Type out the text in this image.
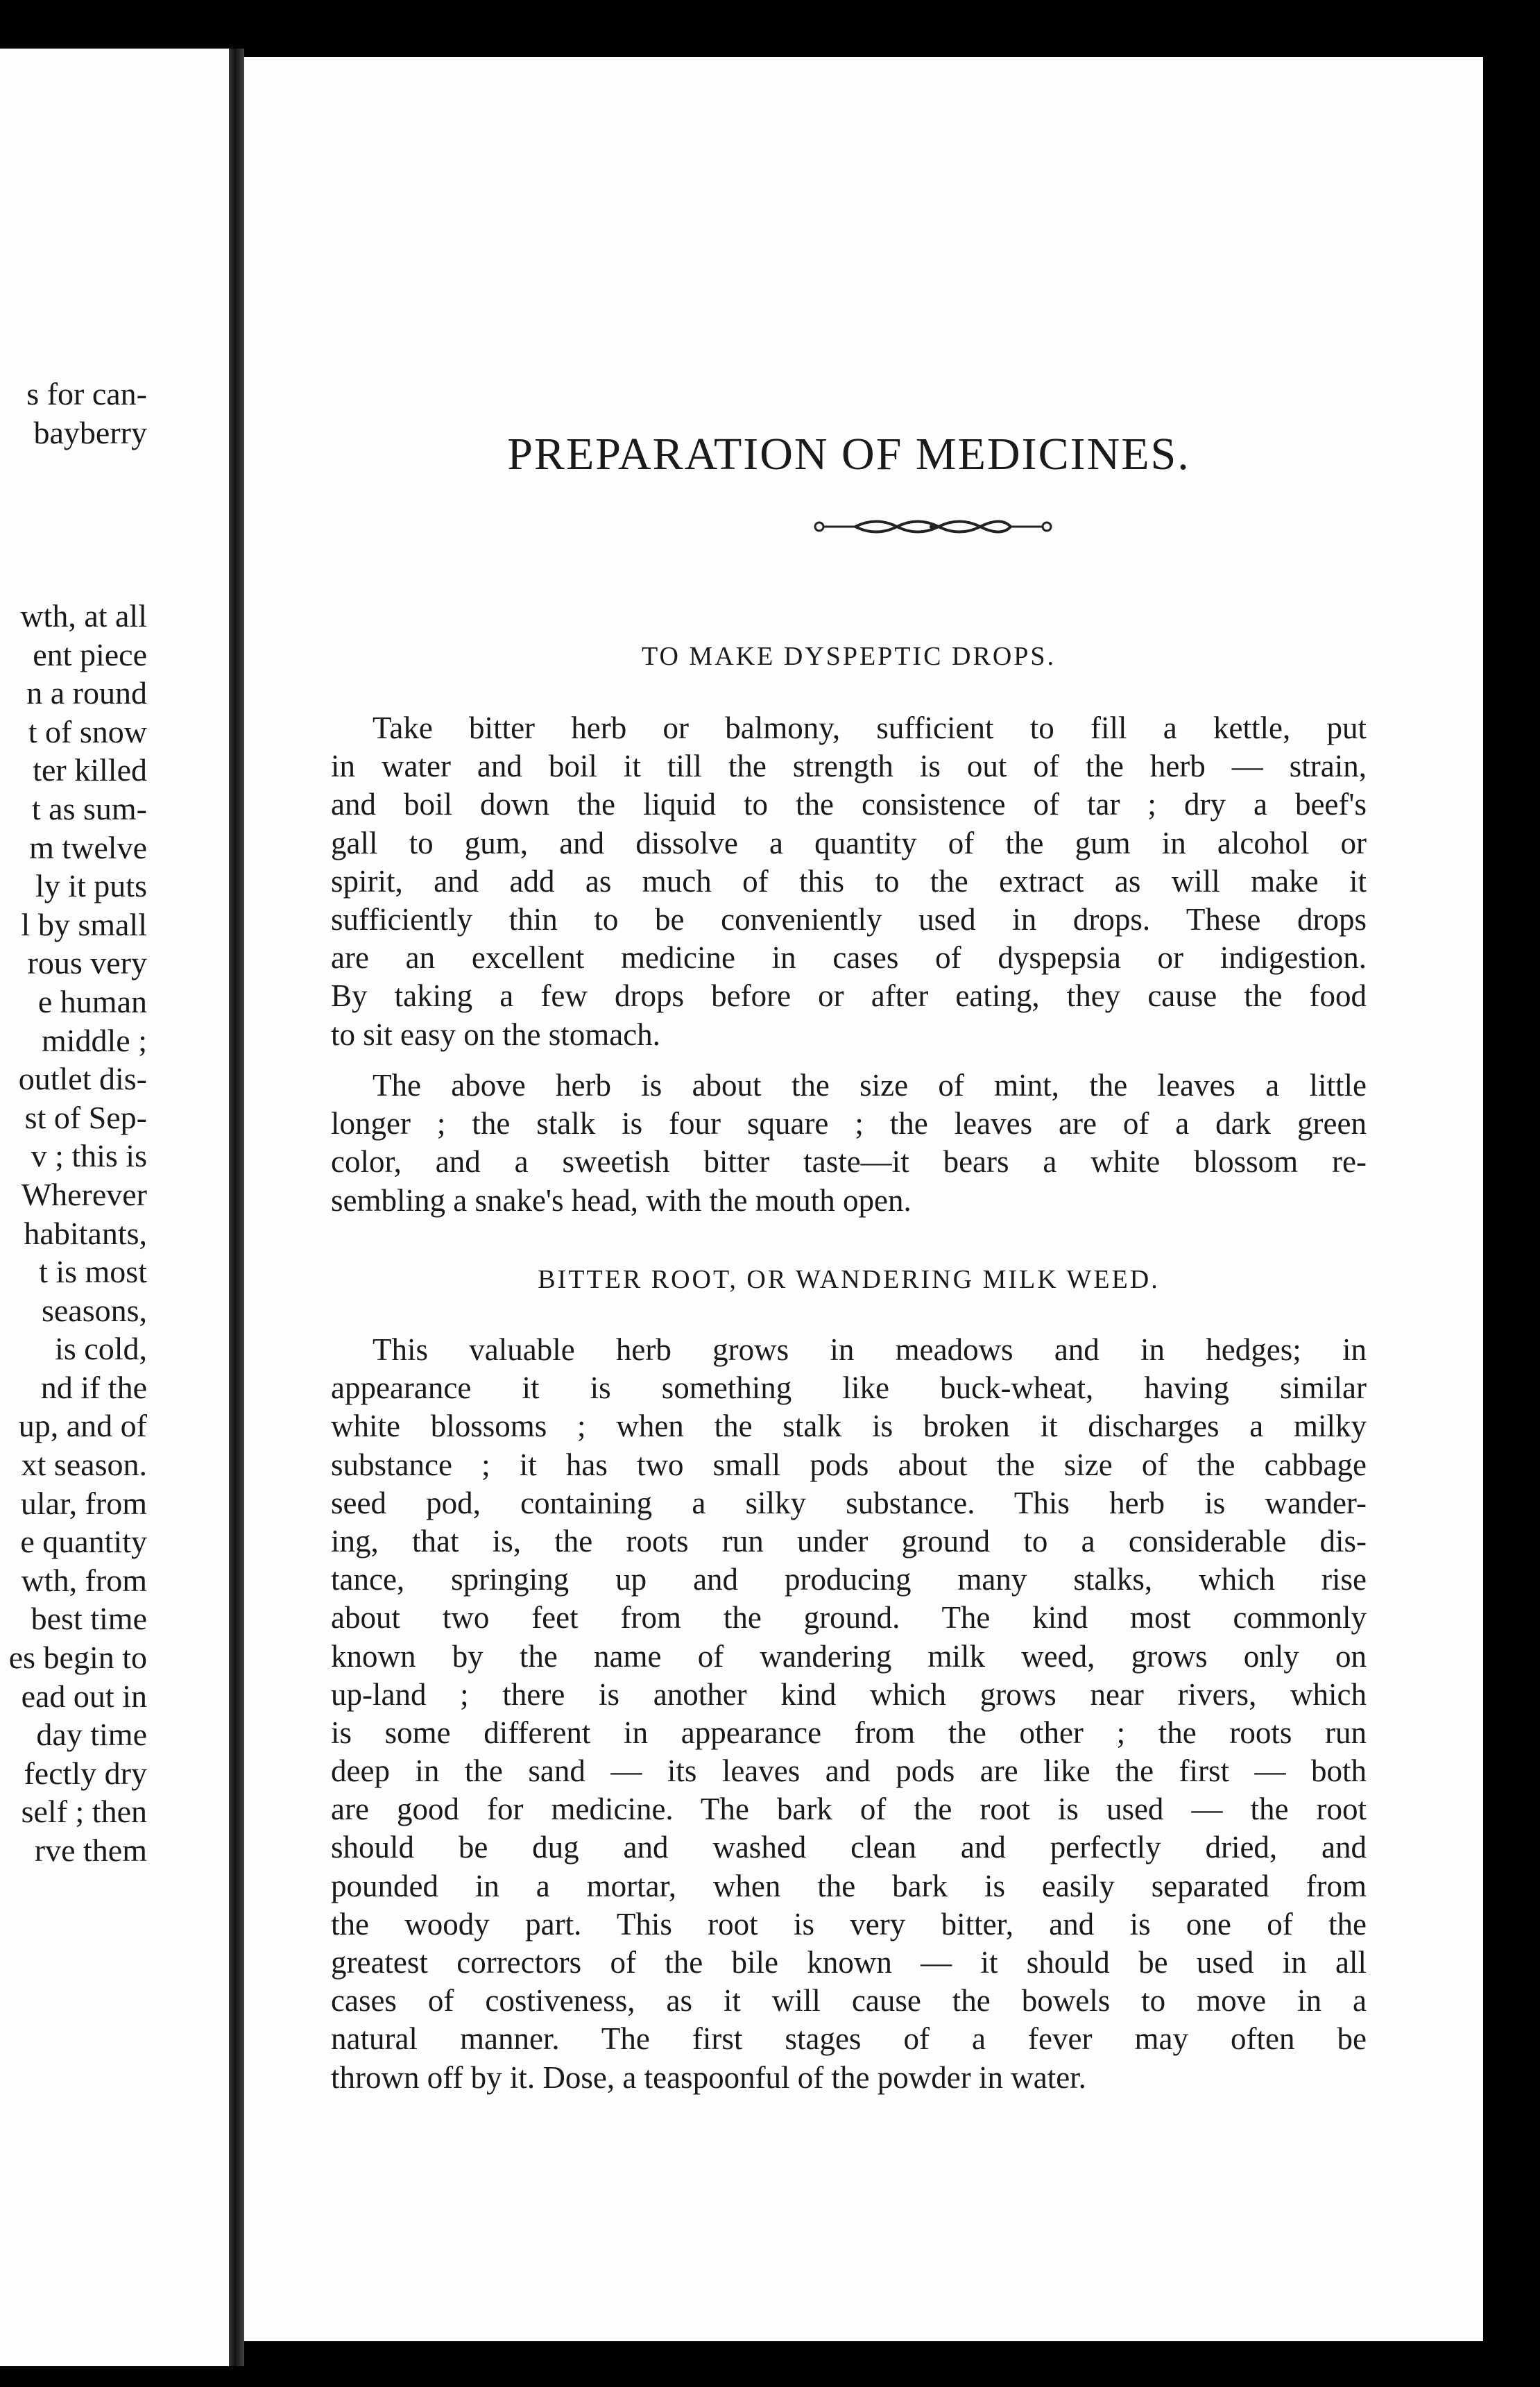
s for can-
bayberry
wth, at all
ent piece
n a round
t of snow
ter killed
t as sum-
m twelve
ly it puts
l by small
rous very
e human
middle ;
outlet dis-
st of Sep-
v ; this is
Wherever
habitants,
t is most
seasons,
is cold,
nd if the
up, and of
xt season.
ular, from
e quantity
wth, from
best time
es begin to
ead out in
day time
fectly dry
self ; then
rve them
PREPARATION OF MEDICINES.
TO MAKE DYSPEPTIC DROPS.
Take bitter herb or balmony, sufficient to fill a kettle, put
in water and boil it till the strength is out of the herb — strain,
and boil down the liquid to the consistence of tar ; dry a beef's
gall to gum, and dissolve a quantity of the gum in alcohol or
spirit, and add as much of this to the extract as will make it
sufficiently thin to be conveniently used in drops. These drops
are an excellent medicine in cases of dyspepsia or indigestion.
By taking a few drops before or after eating, they cause the food
to sit easy on the stomach.
The above herb is about the size of mint, the leaves a little
longer ; the stalk is four square ; the leaves are of a dark green
color, and a sweetish bitter taste—it bears a white blossom re-
sembling a snake's head, with the mouth open.
BITTER ROOT, OR WANDERING MILK WEED.
This valuable herb grows in meadows and in hedges; in
appearance it is something like buck-wheat, having similar
white blossoms ; when the stalk is broken it discharges a milky
substance ; it has two small pods about the size of the cabbage
seed pod, containing a silky substance. This herb is wander-
ing, that is, the roots run under ground to a considerable dis-
tance, springing up and producing many stalks, which rise
about two feet from the ground. The kind most commonly
known by the name of wandering milk weed, grows only on
up-land ; there is another kind which grows near rivers, which
is some different in appearance from the other ; the roots run
deep in the sand — its leaves and pods are like the first — both
are good for medicine. The bark of the root is used — the root
should be dug and washed clean and perfectly dried, and
pounded in a mortar, when the bark is easily separated from
the woody part. This root is very bitter, and is one of the
greatest correctors of the bile known — it should be used in all
cases of costiveness, as it will cause the bowels to move in a
natural manner. The first stages of a fever may often be
thrown off by it. Dose, a teaspoonful of the powder in water.
